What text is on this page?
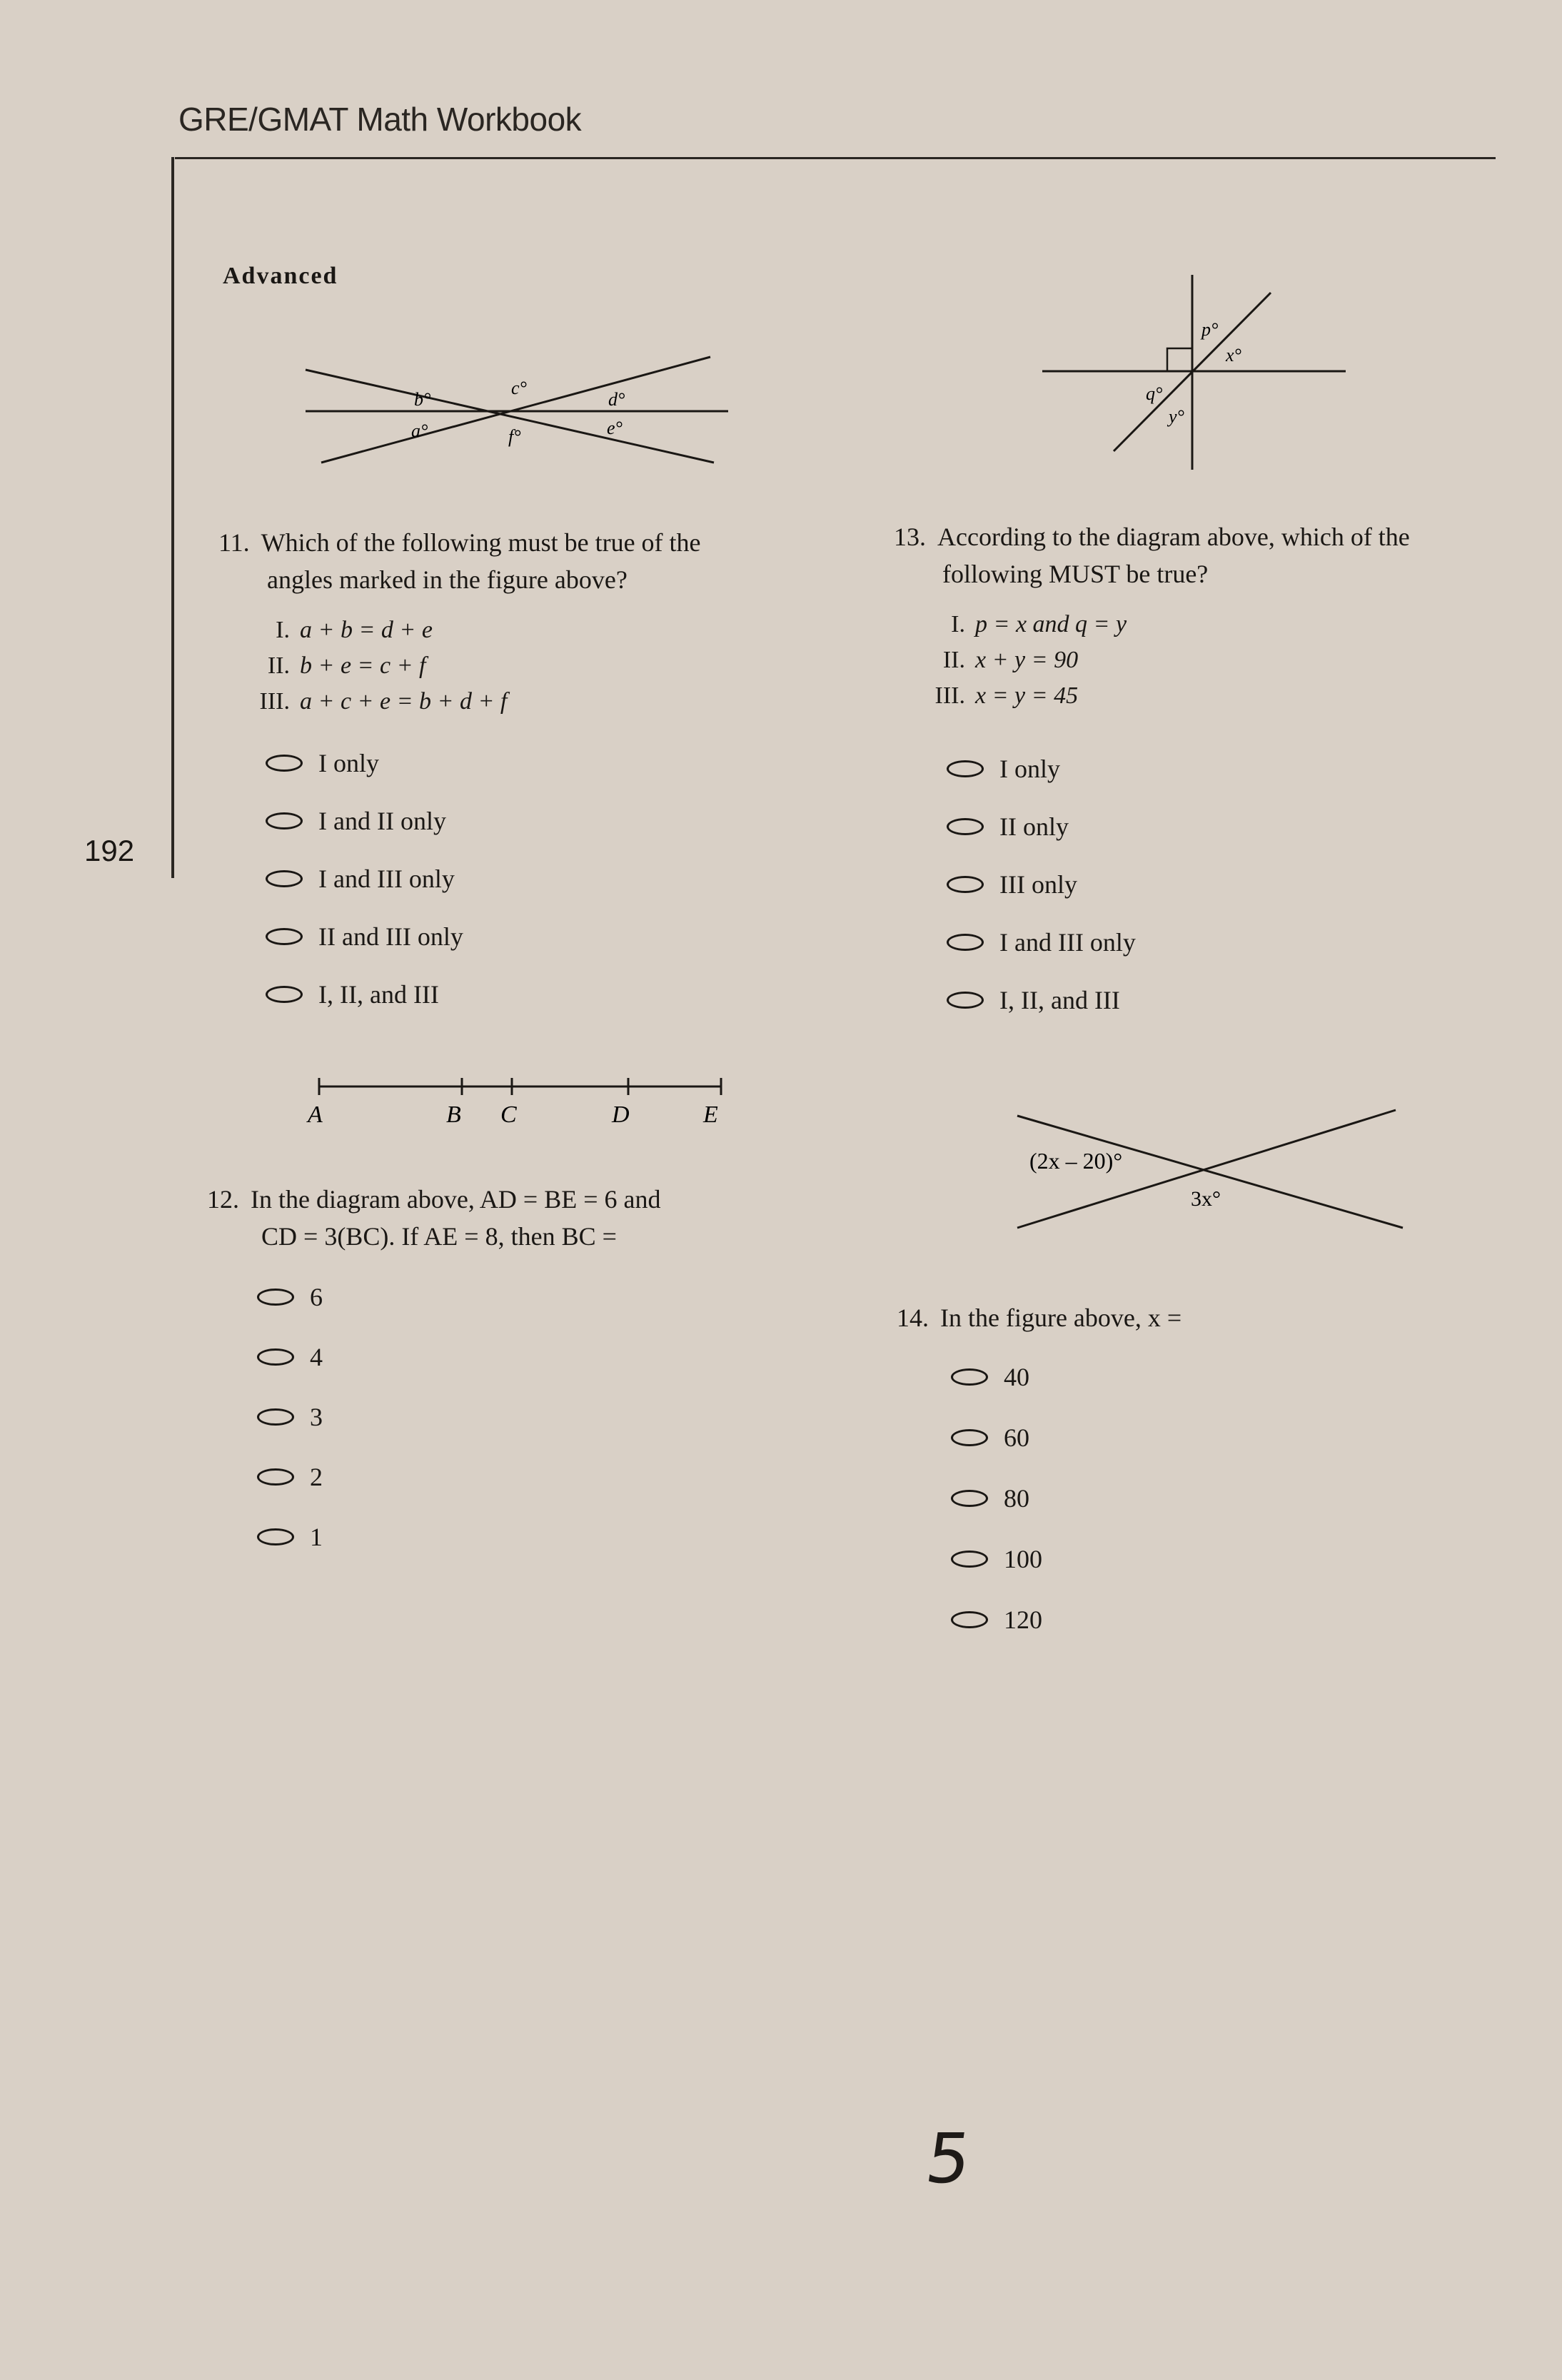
GRE/GMAT Math Workbook
192
Advanced
b°
c°
d°
a°	f°	e°
p°
x°
q°
y°
11. Which of the following must be true of the
angles marked in the figure above?
I. a + b = d + e
II. b + e = c + f
III. a + c + e = b + d + f
I only
I and II only
I and III only
II and III only
I, II, and III
13. According to the diagram above, which of the
following MUST be true?
I. p = x and q = y
II. x + y = 90
III. x = y = 45
I only
II only
III only
I and III only
I, II, and III
A	B C	D	E
(2x – 20)°
3x°
12. In the diagram above, AD = BE = 6 and
CD = 3(BC). If AE = 8, then BC =
6
4
3
2
1
14. In the figure above, x =
40
60
80
100
120
5
